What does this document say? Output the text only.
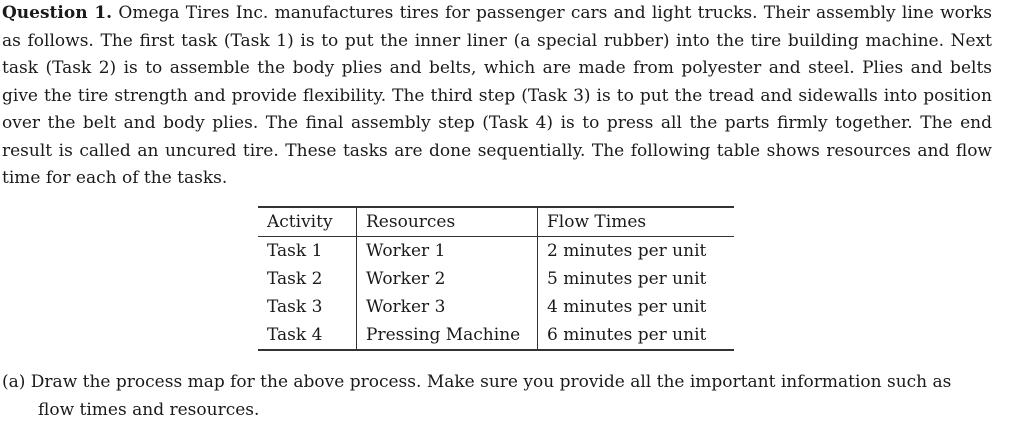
Question 1. Omega Tires Inc. manufactures tires for passenger cars and light trucks. Their assembly line works as follows. The first task (Task 1) is to put the inner liner (a special rubber) into the tire building machine. Next task (Task 2) is to assemble the body plies and belts, which are made from polyester and steel. Plies and belts give the tire strength and provide flexibility. The third step (Task 3) is to put the tread and sidewalls into position over the belt and body plies. The final assembly step (Task 4) is to press all the parts firmly together. The end result is called an uncured tire. These tasks are done sequentially. The following table shows resources and flow time for each of the tasks.

Activity	Resources	Flow Times
Task 1	Worker 1	2 minutes per unit
Task 2	Worker 2	5 minutes per unit
Task 3	Worker 3	4 minutes per unit
Task 4	Pressing Machine	6 minutes per unit

(a) Draw the process map for the above process. Make sure you provide all the important information such as flow times and resources.
